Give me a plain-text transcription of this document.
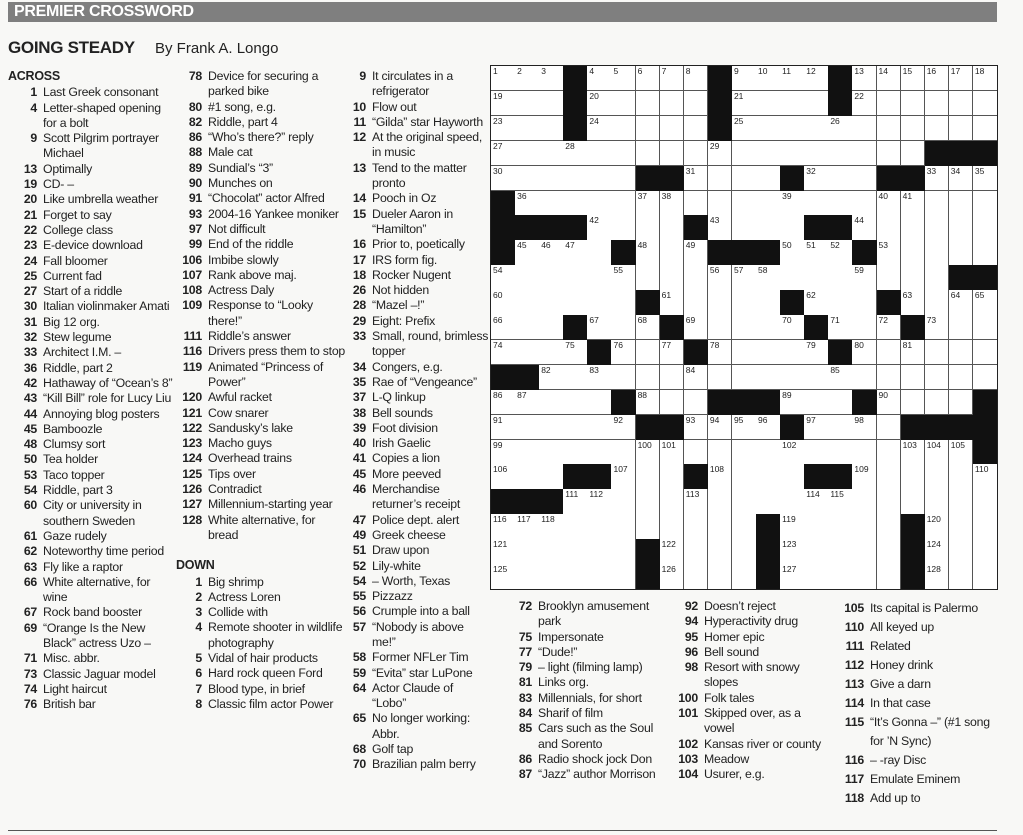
PREMIER CROSSWORD
GOING STEADY By Frank A. Longo
ACROSS
1 Last Greek consonant
4 Letter-shaped opening for a bolt
9 Scott Pilgrim portrayer Michael
13 Optimally
19 CD- –
20 Like umbrella weather
21 Forget to say
22 College class
23 E-device download
24 Fall bloomer
25 Current fad
27 Start of a riddle
30 Italian violinmaker Amati
31 Big 12 org.
32 Stew legume
33 Architect I.M. –
36 Riddle, part 2
42 Hathaway of “Ocean’s 8”
43 “Kill Bill” role for Lucy Liu
44 Annoying blog posters
45 Bamboozle
48 Clumsy sort
50 Tea holder
53 Taco topper
54 Riddle, part 3
60 City or university in southern Sweden
61 Gaze rudely
62 Noteworthy time period
63 Fly like a raptor
66 White alternative, for wine
67 Rock band booster
69 “Orange Is the New Black” actress Uzo –
71 Misc. abbr.
73 Classic Jaguar model
74 Light haircut
76 British bar
78 Device for securing a parked bike
80 #1 song, e.g.
82 Riddle, part 4
86 “Who’s there?” reply
88 Male cat
89 Sundial’s “3”
90 Munches on
91 “Chocolat” actor Alfred
93 2004-16 Yankee moniker
97 Not difficult
99 End of the riddle
106 Imbibe slowly
107 Rank above maj.
108 Actress Daly
109 Response to “Looky there!”
111 Riddle’s answer
116 Drivers press them to stop
119 Animated “Princess of Power”
120 Awful racket
121 Cow snarer
122 Sandusky’s lake
123 Macho guys
124 Overhead trains
125 Tips over
126 Contradict
127 Millennium-starting year
128 White alternative, for bread
DOWN
1 Big shrimp
2 Actress Loren
3 Collide with
4 Remote shooter in wildlife photography
5 Vidal of hair products
6 Hard rock queen Ford
7 Blood type, in brief
8 Classic film actor Power
9 It circulates in a refrigerator
10 Flow out
11 “Gilda” star Hayworth
12 At the original speed, in music
13 Tend to the matter pronto
14 Pooch in Oz
15 Dueler Aaron in “Hamilton”
16 Prior to, poetically
17 IRS form fig.
18 Rocker Nugent
26 Not hidden
28 “Mazel –!”
29 Eight: Prefix
33 Small, round, brimless topper
34 Congers, e.g.
35 Rae of “Vengeance”
37 L-Q linkup
38 Bell sounds
39 Foot division
40 Irish Gaelic
41 Copies a lion
45 More peeved
46 Merchandise returner’s receipt
47 Police dept. alert
49 Greek cheese
51 Draw upon
52 Lily-white
54 – Worth, Texas
55 Pizzazz
56 Crumple into a ball
57 “Nobody is above me!”
58 Former NFLer Tim
59 “Evita” star LuPone
64 Actor Claude of “Lobo”
65 No longer working: Abbr.
68 Golf tap
70 Brazilian palm berry
72 Brooklyn amusement park
75 Impersonate
77 “Dude!”
79 – light (filming lamp)
81 Links org.
83 Millennials, for short
84 Sharif of film
85 Cars such as the Soul and Sorento
86 Radio shock jock Don
87 “Jazz” author Morrison
92 Doesn’t reject
94 Hyperactivity drug
95 Homer epic
96 Bell sound
98 Resort with snowy slopes
100 Folk tales
101 Skipped over, as a vowel
102 Kansas river or county
103 Meadow
104 Usurer, e.g.
105 Its capital is Palermo
110 All keyed up
111 Related
112 Honey drink
113 Give a darn
114 In that case
115 “It’s Gonna –” (#1 song for ’N Sync)
116 – -ray Disc
117 Emulate Eminem
118 Add up to
1 2 3	4 5 6 7 8	9 10 11 12	13 14 15 16 17 18
19	20	21	22
23	24	25	26
27	28	29
30	31	32	33 34 35
36	37 38	39	40 41
42	43	44
45 46 47	48	49	50 51 52	53
54	55	56 57 58	59
60	61	62	63	64 65
66	67	68	69	70	71	72	73
74	75	76	77	78	79	80	81
82	83	84	85
86 87	88	89	90
91	92	93 94 95 96	97	98
99	100 101	102	103 104 105
106	107	108	109	110
111 112	113	114 115
116 117 118	119	120
121	122	123	124
125	126	127	128
